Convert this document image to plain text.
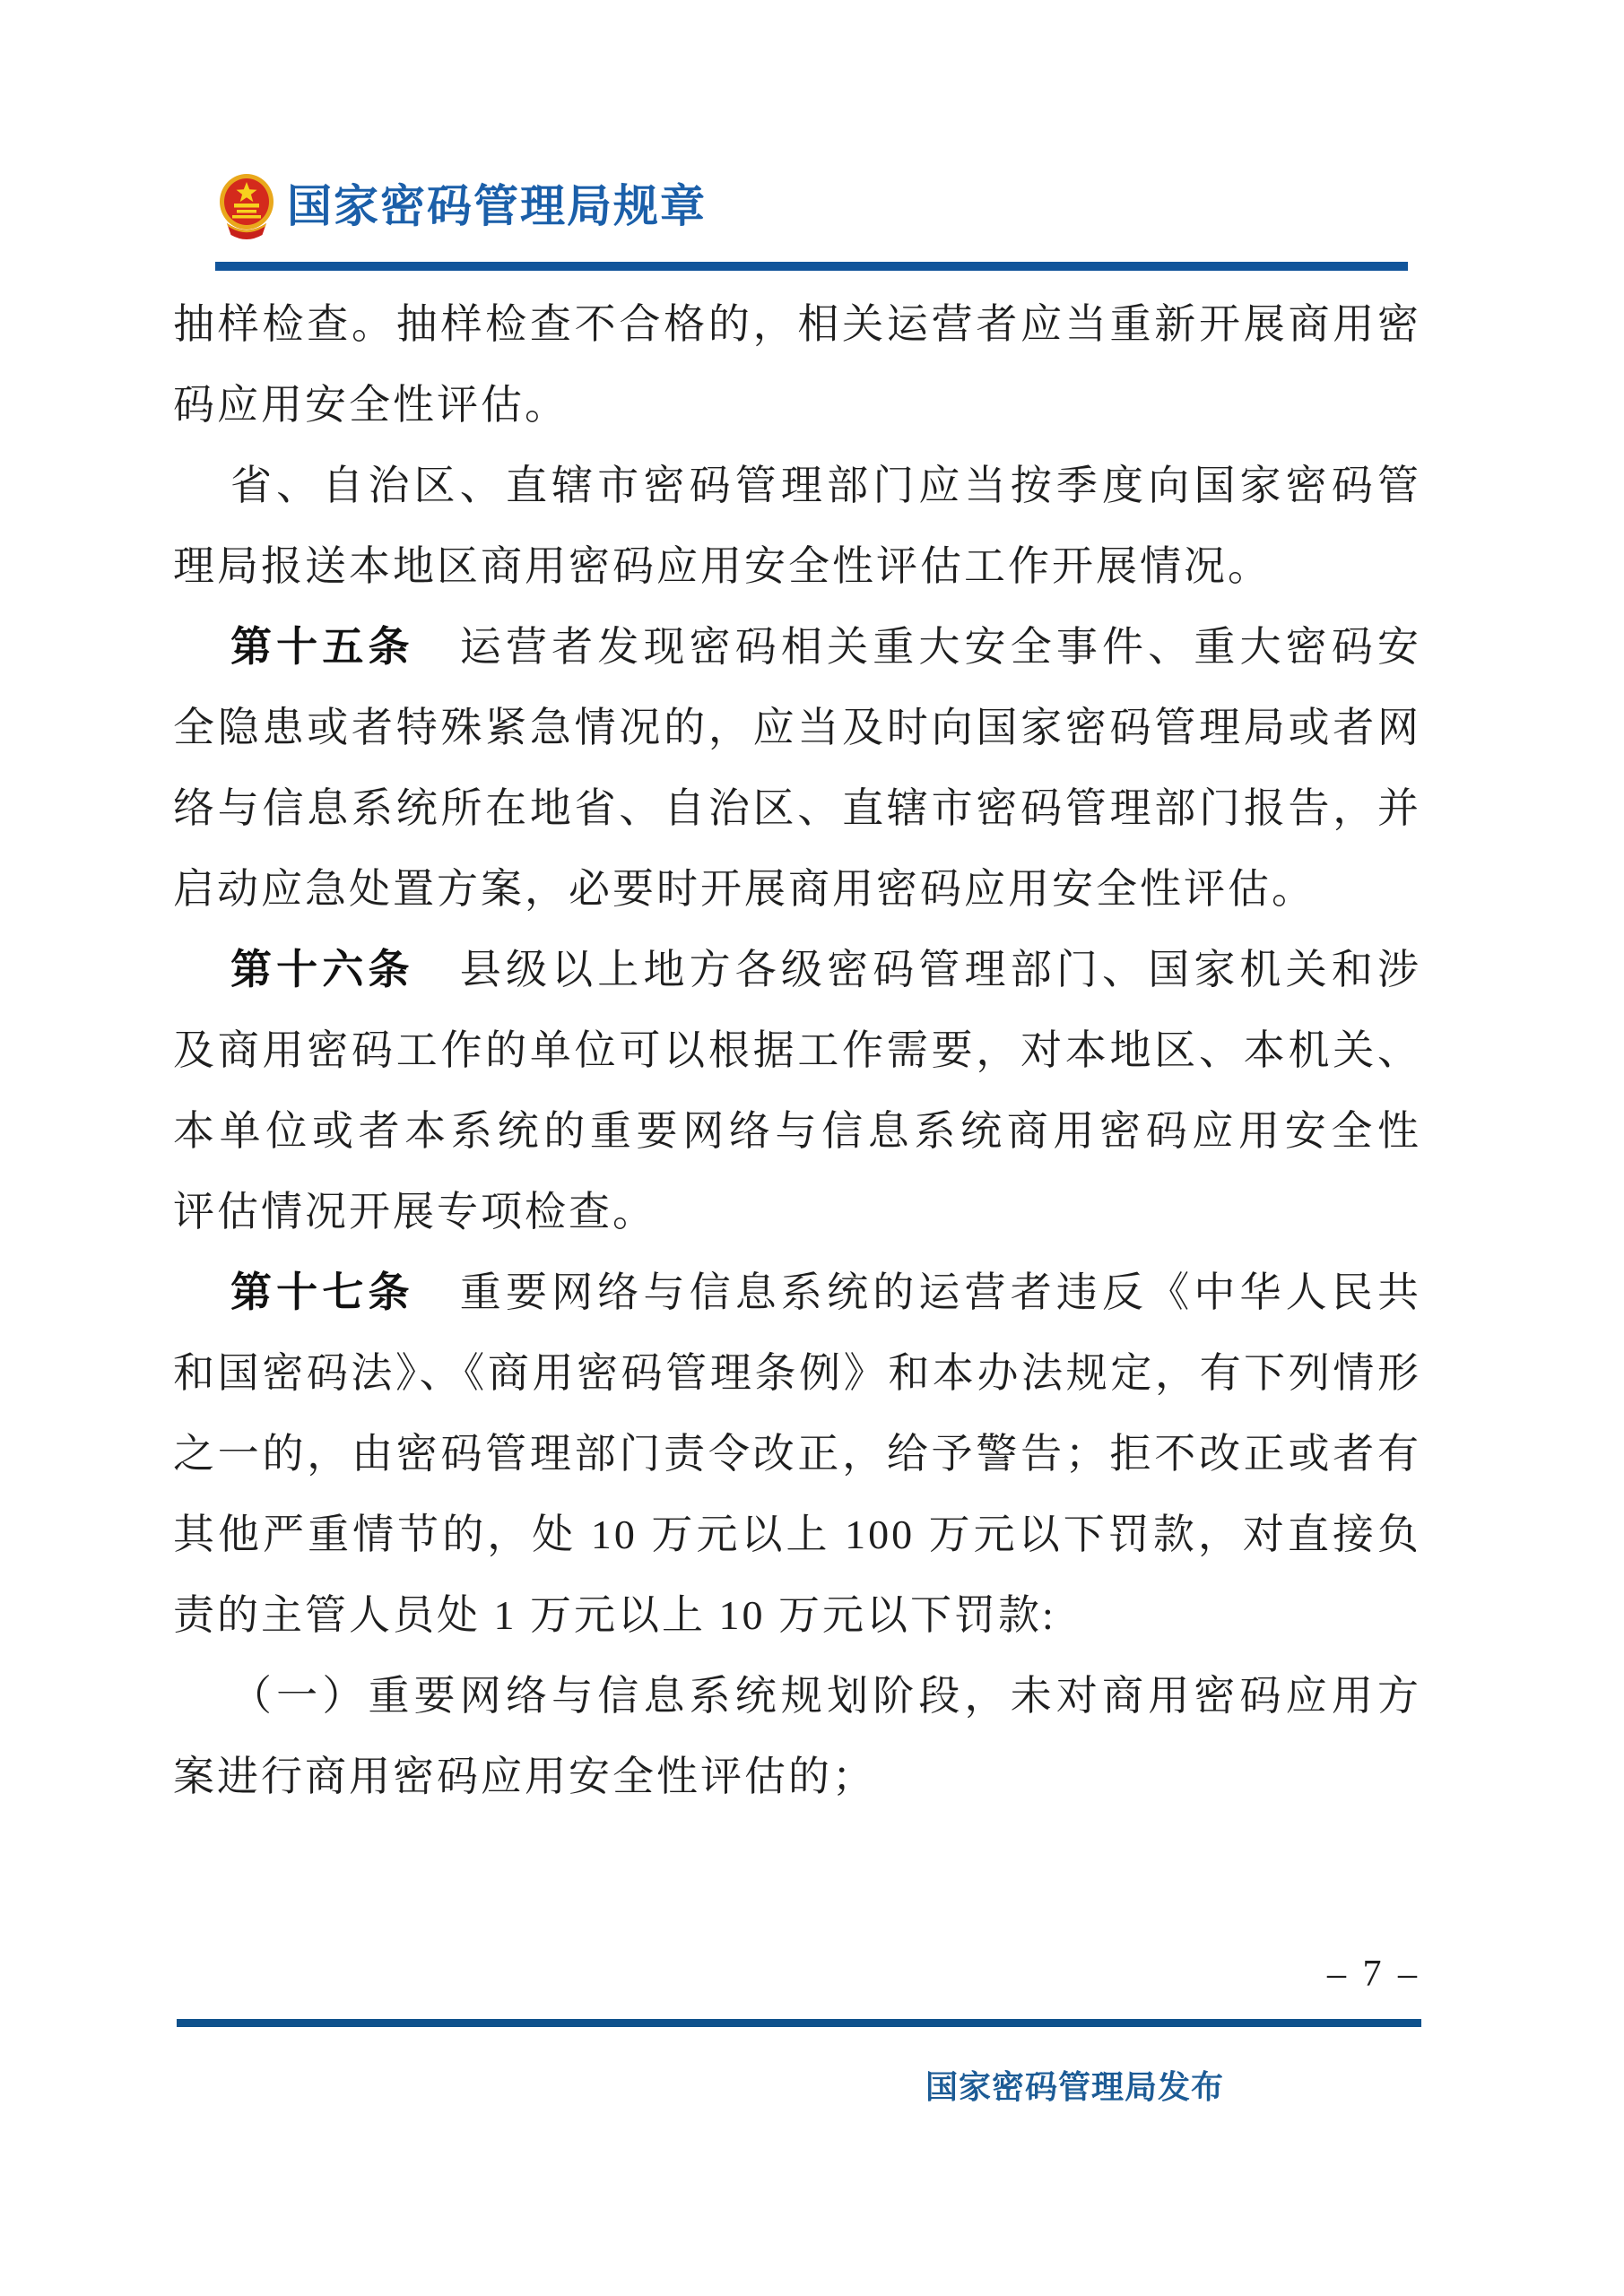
国家密码管理局规章
抽样检查。抽样检查不合格的，相关运营者应当重新开展商用密
码应用安全性评估。
省、自治区、直辖市密码管理部门应当按季度向国家密码管
理局报送本地区商用密码应用安全性评估工作开展情况。
第十五条　运营者发现密码相关重大安全事件、重大密码安
全隐患或者特殊紧急情况的，应当及时向国家密码管理局或者网
络与信息系统所在地省、自治区、直辖市密码管理部门报告，并
启动应急处置方案，必要时开展商用密码应用安全性评估。
第十六条　县级以上地方各级密码管理部门、国家机关和涉
及商用密码工作的单位可以根据工作需要，对本地区、本机关、
本单位或者本系统的重要网络与信息系统商用密码应用安全性
评估情况开展专项检查。
第十七条　重要网络与信息系统的运营者违反《中华人民共
和国密码法》、《商用密码管理条例》和本办法规定，有下列情形
之一的，由密码管理部门责令改正，给予警告；拒不改正或者有
其他严重情节的，处 10 万元以上 100 万元以下罚款，对直接负
责的主管人员处 1 万元以上 10 万元以下罚款:
（一）重要网络与信息系统规划阶段，未对商用密码应用方
案进行商用密码应用安全性评估的；
– 7 –
国家密码管理局发布
